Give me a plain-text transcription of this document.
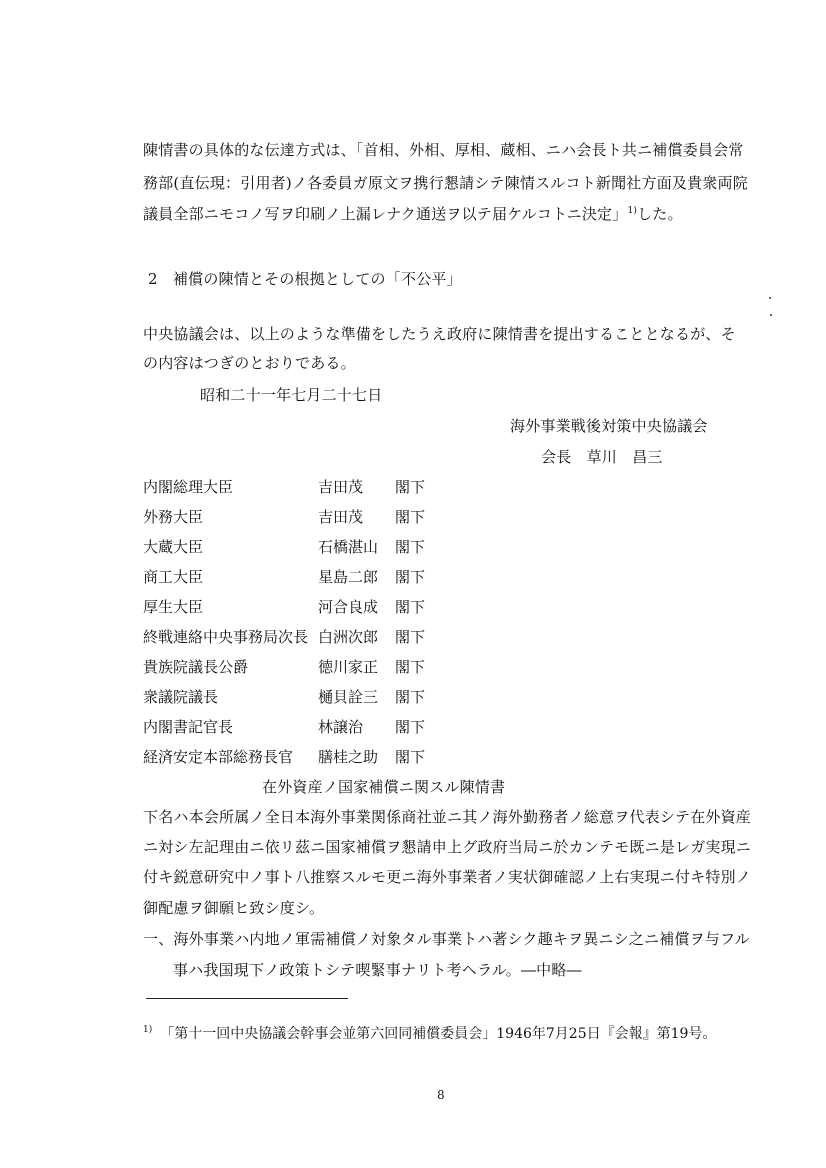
陳情書の具体的な伝達方式は、「首相、外相、厚相、蔵相、ニハ会長ト共ニ補償委員会常
務部(直伝現：引用者)ノ各委員ガ原文ヲ携行懇請シテ陳情スルコト新聞社方面及貴衆両院
議員全部ニモコノ写ヲ印刷ノ上漏レナク通送ヲ以テ届ケルコトニ決定」$^{1)}$した。
2　補償の陳情とその根拠としての「不公平」
中央協議会は、以上のような準備をしたうえ政府に陳情書を提出することとなるが、そ
の内容はつぎのとおりである。
昭和二十一年七月二十七日
海外事業戦後対策中央協議会
会長　草川　昌三
内閣総理大臣	吉田茂 閣下
外務大臣	吉田茂 閣下
大蔵大臣	石橋湛山 閣下
商工大臣	星島二郎 閣下
厚生大臣	河合良成 閣下
終戦連絡中央事務局次長 白洲次郎 閣下
貴族院議長公爵	徳川家正 閣下
衆議院議長	樋貝詮三 閣下
内閣書記官長	林譲治 閣下
経済安定本部総務長官 膳桂之助 閣下
在外資産ノ国家補償ニ関スル陳情書
下名ハ本会所属ノ全日本海外事業関係商社並ニ其ノ海外勤務者ノ総意ヲ代表シテ在外資産
ニ対シ左記理由ニ依リ茲ニ国家補償ヲ懇請申上グ政府当局ニ於カンテモ既ニ是レガ実現ニ
付キ鋭意研究中ノ事ト八推察スルモ更ニ海外事業者ノ実状御確認ノ上右実現ニ付キ特別ノ
御配慮ヲ御願ヒ致シ度シ。
一、海外事業ハ内地ノ軍需補償ノ対象タル事業トハ著シク趣キヲ異ニシ之ニ補償ヲ与フル
事ハ我国現下ノ政策トシテ喫緊事ナリト考ヘラル。―中略―
$^{1)}$ 「第十一回中央協議会幹事会並第六回同補償委員会」1946年7月25日『会報』第19号。
8
